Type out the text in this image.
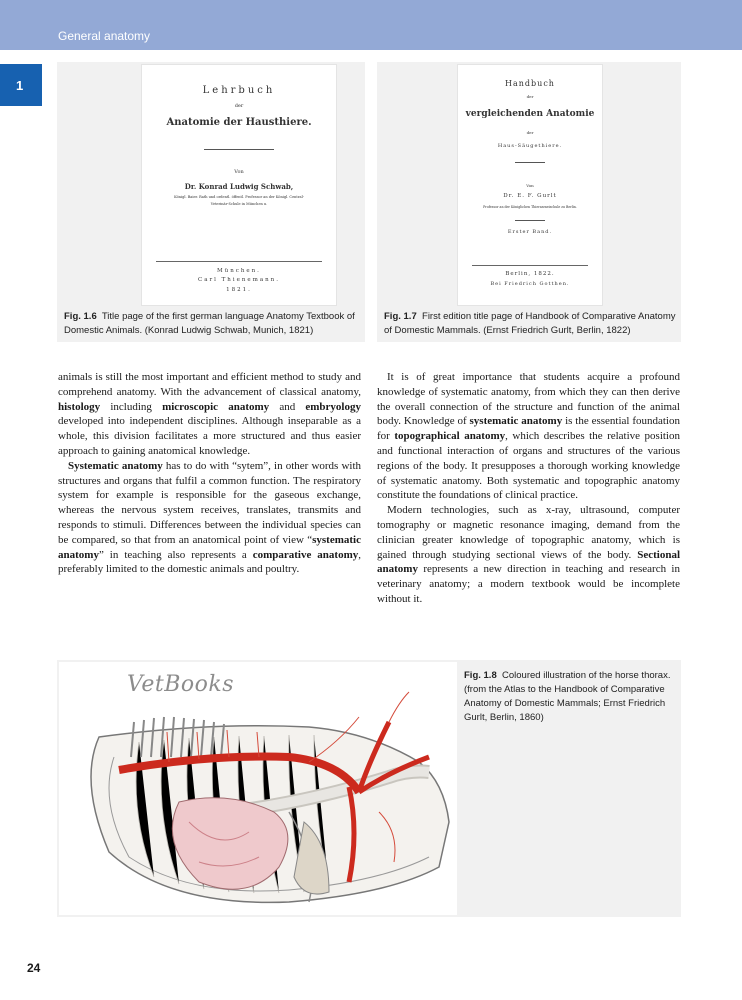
General anatomy
1	Lehrbuch
der
Anatomie der Hausthiere.
Von
Dr. Konrad Ludwig Schwab,
Königl. Baier. Rath und ordentl. öffentl. Professor an der Königl. Central-
Veterinär-Schule in München u.
München.
Carl Thienemann.
1821.
Fig. 1.6 Title page of the first german language Anatomy Textbook of Domestic Animals. (Konrad Ludwig Schwab, Munich, 1821)
Handbuch
der
vergleichenden Anatomie
der
Haus-Säugethiere.
Von
Dr. E. F. Gurlt
Professor an der Königlichen Thierarzneischule zu Berlin.
Erster Band.
Berlin, 1822.
Bei Friedrich Gotthen.
Fig. 1.7 First edition title page of Handbook of Comparative Anatomy of Domestic Mammals. (Ernst Friedrich Gurlt, Berlin, 1822)

animals is still the most important and efficient method to study and comprehend anatomy. With the advancement of classical anatomy, histology including microscopic anatomy and embryology developed into independent disciplines. Although inseparable as a whole, this division facilitates a more structured and thus easier approach to gaining anatomical knowledge.

Systematic anatomy has to do with “sytem”, in other words with structures and organs that fulfil a common function. The respiratory system for example is responsible for the gaseous exchange, whereas the nervous system receives, translates, transmits and responds to stimuli. Differences between the individual species can be compared, so that from an anatomical point of view “systematic anatomy” in teaching also represents a comparative anatomy, preferably limited to the domestic animals and poultry.

It is of great importance that students acquire a profound knowledge of systematic anatomy, from which they can then derive the overall connection of the structure and function of the animal body. Knowledge of systematic anatomy is the essential foundation for topographical anatomy, which describes the relative position and functional interaction of organs and structures of the various regions of the body. It presupposes a thorough working knowledge of systematic anatomy. Both systematic and topographic anatomy constitute the foundations of clinical practice.

Modern technologies, such as x-ray, ultrasound, computer tomography or magnetic resonance imaging, demand from the clinician greater knowledge of topographic anatomy, which is gained through studying sectional views of the body. Sectional anatomy represents a new direction in teaching and research in veterinary anatomy; a modern textbook would be incomplete without it.

VetBooks	Fig. 1.8 Coloured illustration of the horse thorax. (from the Atlas to the Handbook of Comparative Anatomy of Domestic Mammals; Ernst Friedrich Gurlt, Berlin, 1860)
24
